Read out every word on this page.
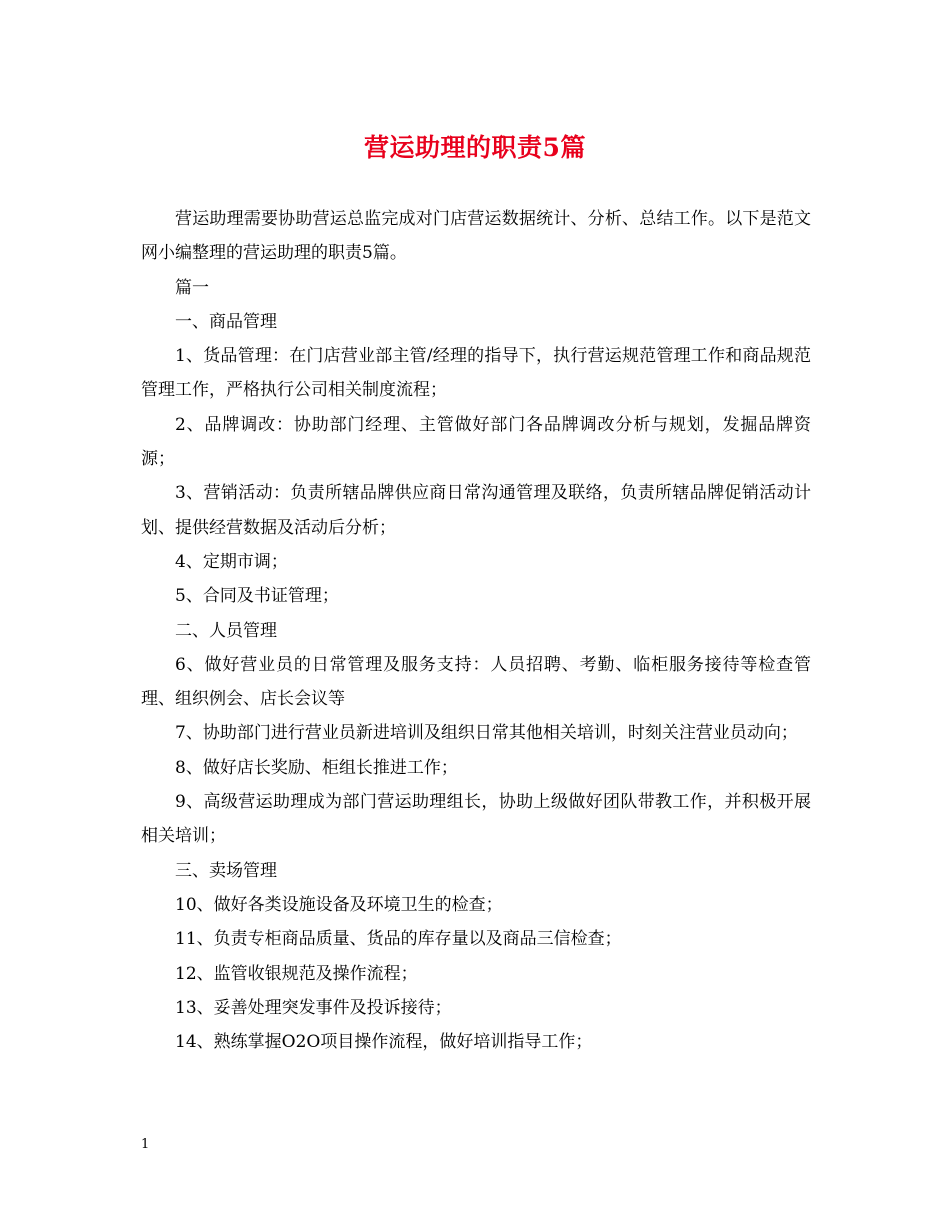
营运助理的职责5篇

营运助理需要协助营运总监完成对门店营运数据统计、分析、总结工作。以下是范文网小编整理的营运助理的职责5篇。

篇一

一、商品管理

1、货品管理：在门店营业部主管/经理的指导下，执行营运规范管理工作和商品规范管理工作，严格执行公司相关制度流程；

2、品牌调改：协助部门经理、主管做好部门各品牌调改分析与规划，发掘品牌资源；

3、营销活动：负责所辖品牌供应商日常沟通管理及联络，负责所辖品牌促销活动计划、提供经营数据及活动后分析；

4、定期市调；

5、合同及书证管理；

二、人员管理

6、做好营业员的日常管理及服务支持：人员招聘、考勤、临柜服务接待等检查管理、组织例会、店长会议等

7、协助部门进行营业员新进培训及组织日常其他相关培训，时刻关注营业员动向；

8、做好店长奖励、柜组长推进工作；

9、高级营运助理成为部门营运助理组长，协助上级做好团队带教工作，并积极开展相关培训；

三、卖场管理

10、做好各类设施设备及环境卫生的检查；

11、负责专柜商品质量、货品的库存量以及商品三信检查；

12、监管收银规范及操作流程；

13、妥善处理突发事件及投诉接待；

14、熟练掌握O2O项目操作流程，做好培训指导工作；

1
